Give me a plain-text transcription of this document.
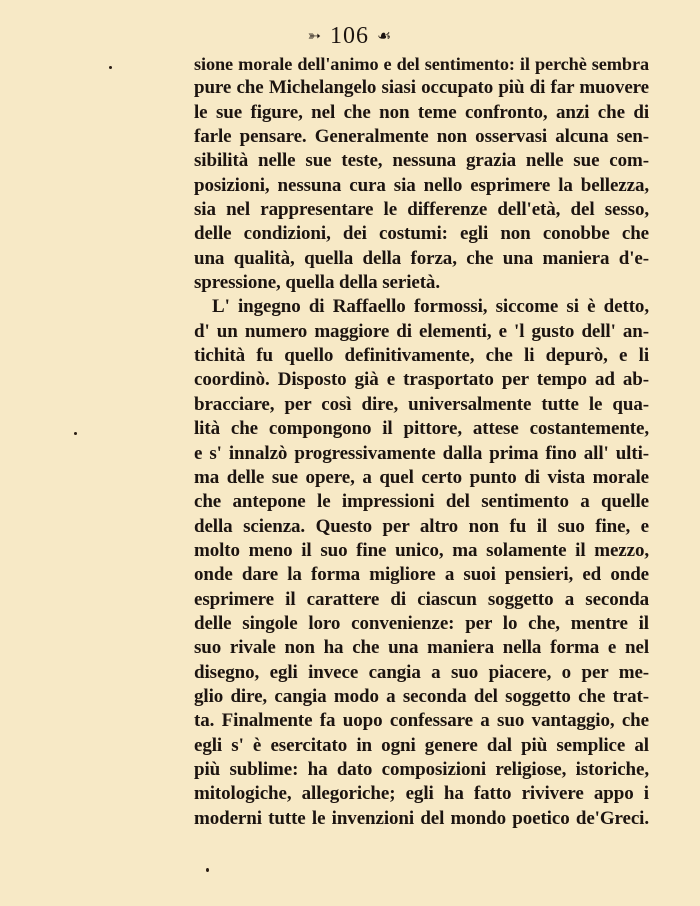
➳ 106 ☙
sione morale dell'animo e del sentimento: il perchè sembra
pure che Michelangelo siasi occupato più di far muovere
le sue figure, nel che non teme confronto, anzi che di
farle pensare. Generalmente non osservasi alcuna sen-
sibilità nelle sue teste, nessuna grazia nelle sue com-
posizioni, nessuna cura sia nello esprimere la bellezza,
sia nel rappresentare le differenze dell'età, del sesso,
delle condizioni, dei costumi: egli non conobbe che
una qualità, quella della forza, che una maniera d'e-
spressione, quella della serietà.
L' ingegno di Raffaello formossi, siccome si è detto,
d' un numero maggiore di elementi, e 'l gusto dell' an-
tichità fu quello definitivamente, che li depurò, e li
coordinò. Disposto già e trasportato per tempo ad ab-
bracciare, per così dire, universalmente tutte le qua-
lità che compongono il pittore, attese costantemente,
e s' innalzò progressivamente dalla prima fino all' ulti-
ma delle sue opere, a quel certo punto di vista morale
che antepone le impressioni del sentimento a quelle
della scienza. Questo per altro non fu il suo fine, e
molto meno il suo fine unico, ma solamente il mezzo,
onde dare la forma migliore a suoi pensieri, ed onde
esprimere il carattere di ciascun soggetto a seconda
delle singole loro convenienze: per lo che, mentre il
suo rivale non ha che una maniera nella forma e nel
disegno, egli invece cangia a suo piacere, o per me-
glio dire, cangia modo a seconda del soggetto che trat-
ta. Finalmente fa uopo confessare a suo vantaggio, che
egli s' è esercitato in ogni genere dal più semplice al
più sublime: ha dato composizioni religiose, istoriche,
mitologiche, allegoriche; egli ha fatto rivivere appo i
moderni tutte le invenzioni del mondo poetico de'Greci.
